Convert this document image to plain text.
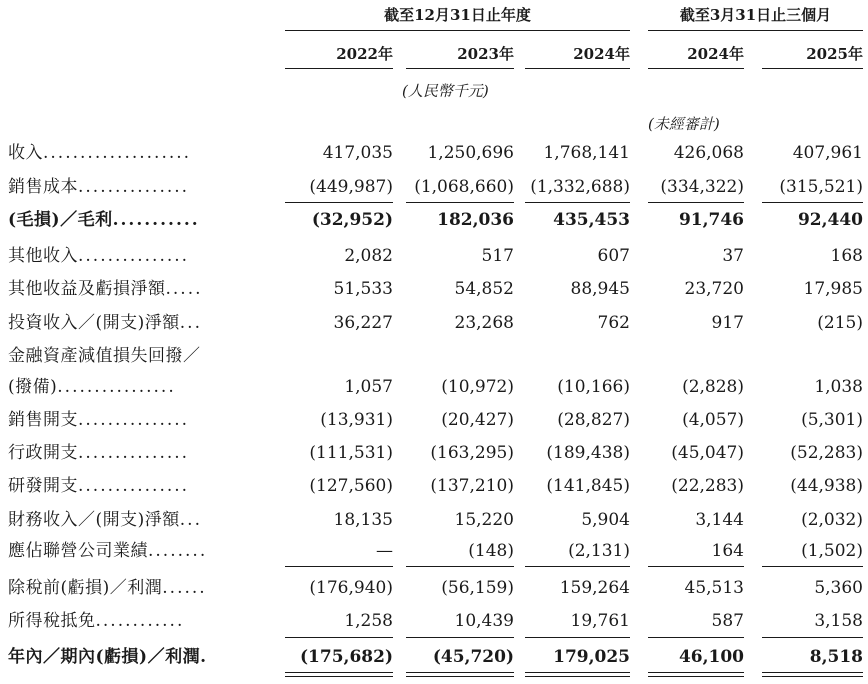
截至12月31日止年度	截至3月31日止三個月
2022年	2023年	2024年	2024年	2025年
(人民幣千元)
(未經審計)
收入....................	417,035	1,250,696	1,768,141	426,068	407,961
銷售成本...............	(449,987)	(1,068,660) (1,332,688)	(334,322)	(315,521)
(毛損)／毛利...........	(32,952)	182,036	435,453	91,746	92,440
其他收入...............	2,082	517	607	37	168
其他收益及虧損淨額.....	51,533	54,852	88,945	23,720	17,985
投資收入／(開支)淨額...	36,227	23,268	762	917	(215)
金融資產減值損失回撥／
(撥備)................	1,057	(10,972)	(10,166)	(2,828)	1,038
銷售開支...............	(13,931)	(20,427)	(28,827)	(4,057)	(5,301)
行政開支...............	(111,531)	(163,295)	(189,438)	(45,047)	(52,283)
研發開支...............	(127,560)	(137,210)	(141,845)	(22,283)	(44,938)
財務收入／(開支)淨額...	18,135	15,220	5,904	3,144	(2,032)
應佔聯營公司業績........	—	(148)	(2,131)	164	(1,502)
除稅前(虧損)／利潤......	(176,940)	(56,159)	159,264	45,513	5,360
所得稅抵免............	1,258	10,439	19,761	587	3,158
年內／期內(虧損)／利潤.	(175,682)	(45,720)	179,025	46,100	8,518
